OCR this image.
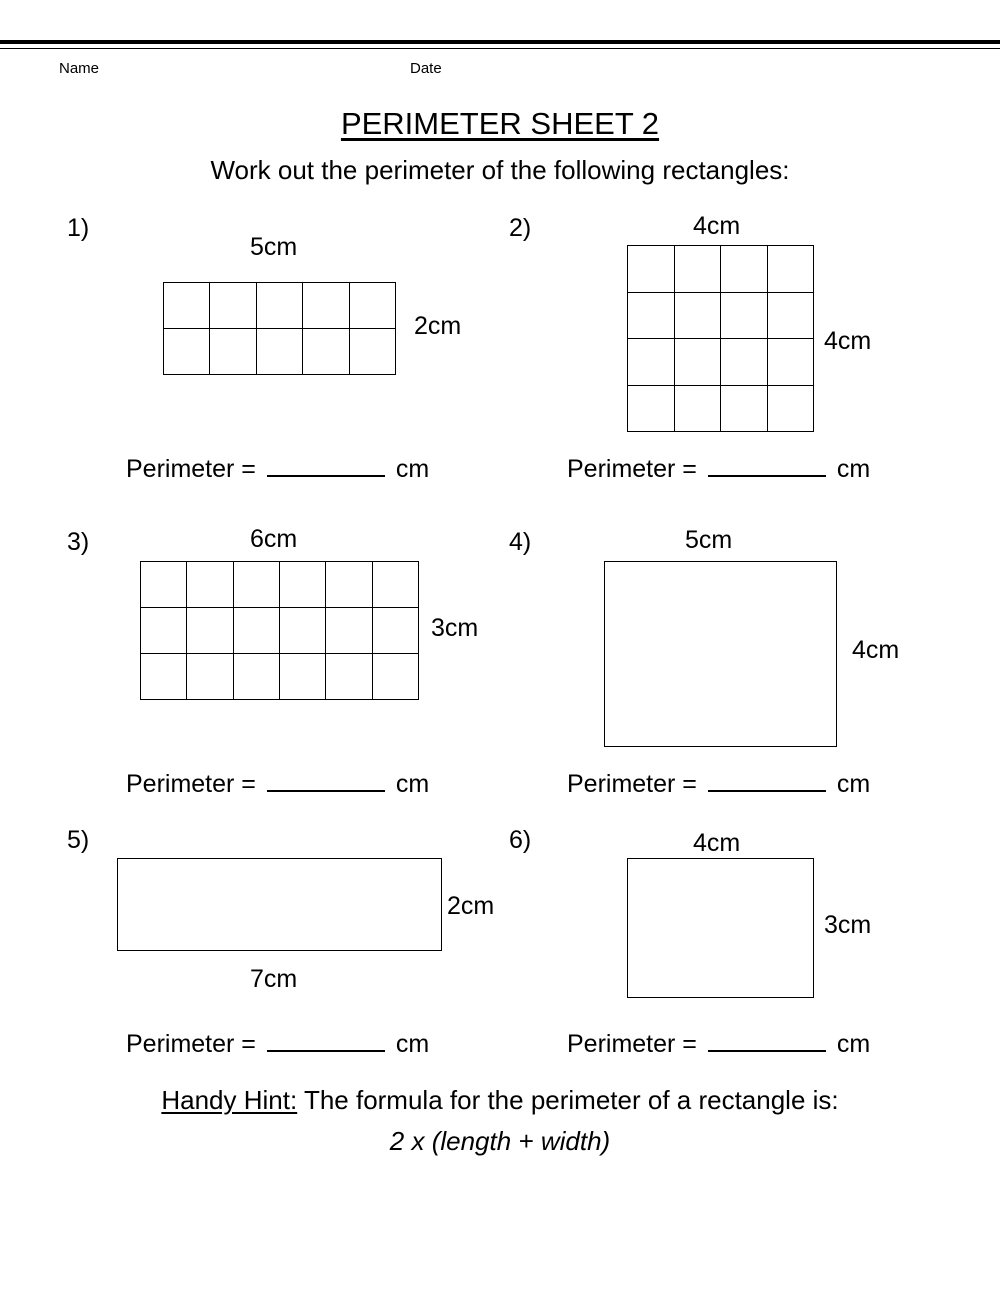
Name	Date
PERIMETER SHEET 2
Work out the perimeter of the following rectangles:
1)
5cm
2cm
Perimeter =	cm
2)	4cm
4cm
Perimeter =	cm
3)	6cm
3cm
Perimeter =	cm
4)	5cm
4cm
Perimeter =	cm
5)
2cm
7cm
Perimeter =	cm
6)	4cm
3cm
Perimeter =	cm
Handy Hint: The formula for the perimeter of a rectangle is:
2 x (length + width)
